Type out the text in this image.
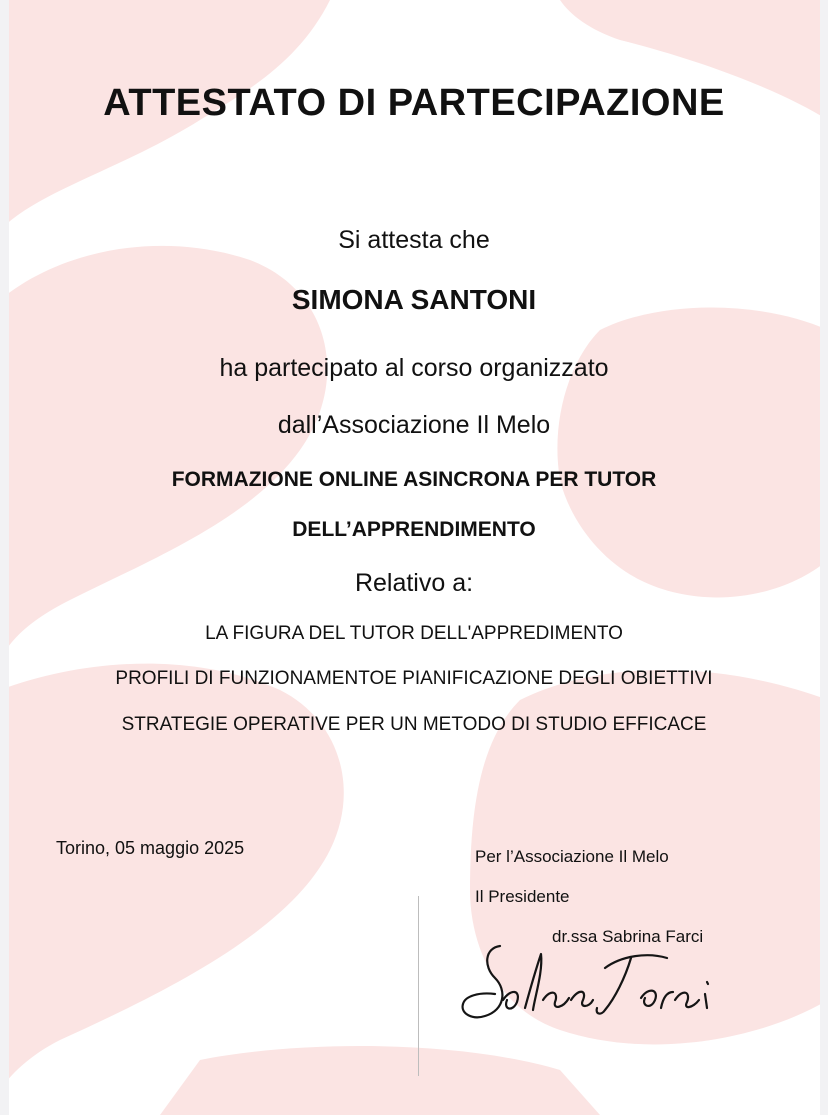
ATTESTATO DI PARTECIPAZIONE
Si attesta che
SIMONA SANTONI
ha partecipato al corso organizzato
dall’Associazione Il Melo
FORMAZIONE ONLINE ASINCRONA PER TUTOR
DELL’APPRENDIMENTO
Relativo a:
LA FIGURA DEL TUTOR DELL'APPREDIMENTO
PROFILI DI FUNZIONAMENTOE PIANIFICAZIONE DEGLI OBIETTIVI
STRATEGIE OPERATIVE PER UN METODO DI STUDIO EFFICACE
Torino, 05 maggio 2025	Per l’Associazione Il Melo
Il Presidente
dr.ssa Sabrina Farci
